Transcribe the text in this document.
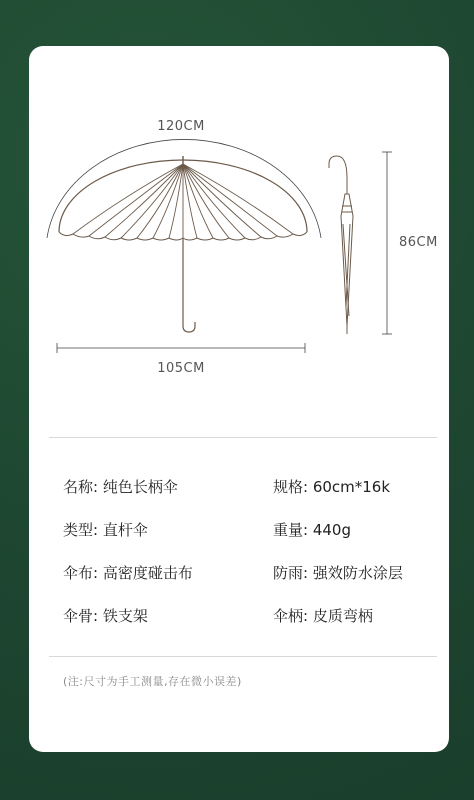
120CM
105CM
86CM
名称: 纯色长柄伞	规格: 60cm*16k
类型: 直杆伞	重量: 440g
伞布: 高密度碰击布	防雨: 强效防水涂层
伞骨: 铁支架	伞柄: 皮质弯柄
(注:尺寸为手工测量,存在微小误差)
